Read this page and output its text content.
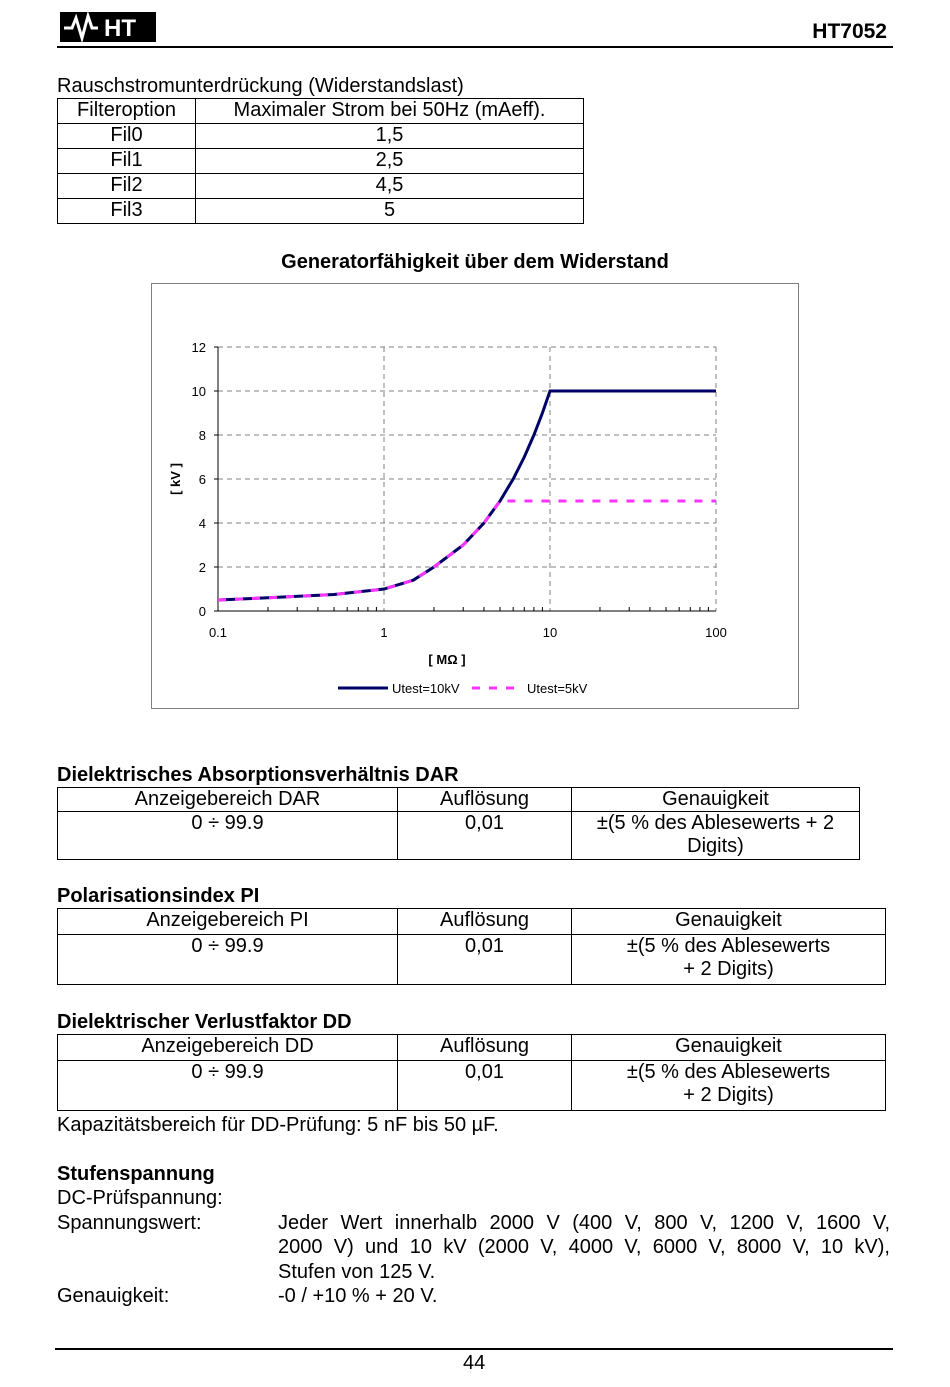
HT	HT7052
Rauschstromunterdrückung (Widerstandslast)
Filteroption	Maximaler Strom bei 50Hz (mAeff).
Fil0	1,5
Fil1	2,5
Fil2	4,5
Fil3	5
Generatorfähigkeit über dem Widerstand
0
2
4
6
8
10
12
0.1	1	10	100
[ kV ]
[ MΩ ]
Utest=10kV	Utest=5kV
Dielektrisches Absorptionsverhältnis DAR
Anzeigebereich DAR	Auflösung	Genauigkeit
0 ÷ 99.9	0,01	±(5 % des Ablesewerts + 2
Digits)
Polarisationsindex PI
Anzeigebereich PI	Auflösung	Genauigkeit
0 ÷ 99.9	0,01	±(5 % des Ablesewerts
+ 2 Digits)
Dielektrischer Verlustfaktor DD
Anzeigebereich DD	Auflösung	Genauigkeit
0 ÷ 99.9	0,01	±(5 % des Ablesewerts
+ 2 Digits)
Kapazitätsbereich für DD-Prüfung: 5 nF bis 50 µF.
Stufenspannung
DC-Prüfspannung:
Spannungswert:	Jeder Wert innerhalb 2000 V (400 V, 800 V, 1200 V, 1600 V,
2000 V) und 10 kV (2000 V, 4000 V, 6000 V, 8000 V, 10 kV),
Stufen von 125 V.
Genauigkeit:	-0 / +10 % + 20 V.
44
